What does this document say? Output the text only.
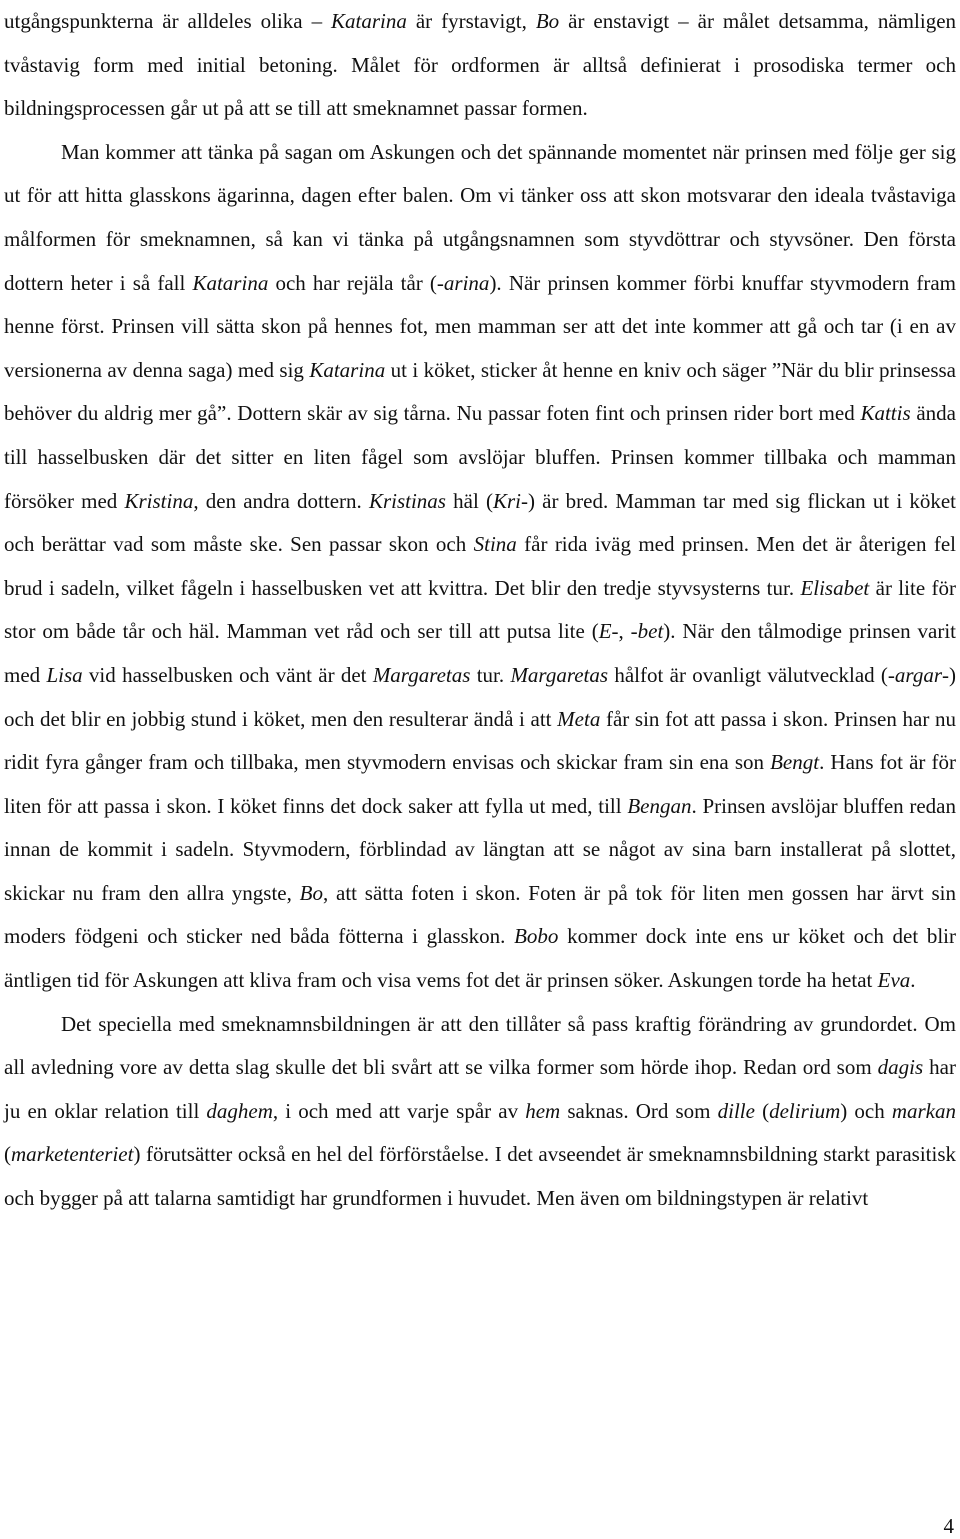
utgångspunkterna är alldeles olika – Katarina är fyrstavigt, Bo är enstavigt – är målet detsamma, nämligen tvåstavig form med initial betoning. Målet för ordformen är alltså definierat i prosodiska termer och bildningsprocessen går ut på att se till att smeknamnet passar formen.

Man kommer att tänka på sagan om Askungen och det spännande momentet när prinsen med följe ger sig ut för att hitta glasskons ägarinna, dagen efter balen. Om vi tänker oss att skon motsvarar den ideala tvåstaviga målformen för smeknamnen, så kan vi tänka på utgångsnamnen som styvdöttrar och styvsöner. Den första dottern heter i så fall Katarina och har rejäla tår (-arina). När prinsen kommer förbi knuffar styvmodern fram henne först. Prinsen vill sätta skon på hennes fot, men mamman ser att det inte kommer att gå och tar (i en av versionerna av denna saga) med sig Katarina ut i köket, sticker åt henne en kniv och säger ”När du blir prinsessa behöver du aldrig mer gå”. Dottern skär av sig tårna. Nu passar foten fint och prinsen rider bort med Kattis ända till hasselbusken där det sitter en liten fågel som avslöjar bluffen. Prinsen kommer tillbaka och mamman försöker med Kristina, den andra dottern. Kristinas häl (Kri-) är bred. Mamman tar med sig flickan ut i köket och berättar vad som måste ske. Sen passar skon och Stina får rida iväg med prinsen. Men det är återigen fel brud i sadeln, vilket fågeln i hasselbusken vet att kvittra. Det blir den tredje styvsysterns tur. Elisabet är lite för stor om både tår och häl. Mamman vet råd och ser till att putsa lite (E-, -bet). När den tålmodige prinsen varit med Lisa vid hasselbusken och vänt är det Margaretas tur. Margaretas hålfot är ovanligt välutvecklad (-argar-) och det blir en jobbig stund i köket, men den resulterar ändå i att Meta får sin fot att passa i skon. Prinsen har nu ridit fyra gånger fram och tillbaka, men styvmodern envisas och skickar fram sin ena son Bengt. Hans fot är för liten för att passa i skon. I köket finns det dock saker att fylla ut med, till Bengan. Prinsen avslöjar bluffen redan innan de kommit i sadeln. Styvmodern, förblindad av längtan att se något av sina barn installerat på slottet, skickar nu fram den allra yngste, Bo, att sätta foten i skon. Foten är på tok för liten men gossen har ärvt sin moders födgeni och sticker ned båda fötterna i glasskon. Bobo kommer dock inte ens ur köket och det blir äntligen tid för Askungen att kliva fram och visa vems fot det är prinsen söker. Askungen torde ha hetat Eva.

Det speciella med smeknamnsbildningen är att den tillåter så pass kraftig förändring av grundordet. Om all avledning vore av detta slag skulle det bli svårt att se vilka former som hörde ihop. Redan ord som dagis har ju en oklar relation till daghem, i och med att varje spår av hem saknas. Ord som dille (delirium) och markan (marketenteriet) förutsätter också en hel del förförståelse. I det avseendet är smeknamnsbildning starkt parasitisk och bygger på att talarna samtidigt har grundformen i huvudet. Men även om bildningstypen är relativt

4
